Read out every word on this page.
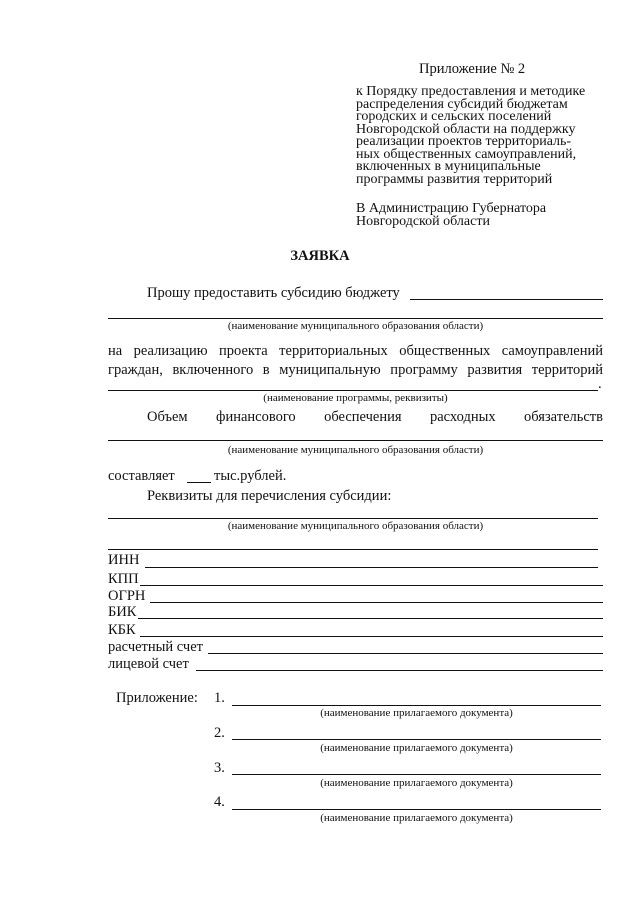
Приложение № 2
к Порядку предоставления и методике
распределения субсидий бюджетам
городских и сельских поселений
Новгородской области на поддержку
реализации проектов территориаль-
ных общественных самоуправлений,
включенных в муниципальные
программы развития территорий
В Администрацию Губернатора
Новгородской области
ЗАЯВКА
Прошу предоставить субсидию бюджету
(наименование муниципального образования области)
на реализацию проекта территориальных общественных самоуправлений
граждан, включенного в муниципальную программу развития территорий
.
(наименование программы, реквизиты)
Объем финансового обеспечения расходных обязательств
(наименование муниципального образования области)
составляет	тыс.рублей.
Реквизиты для перечисления субсидии:
(наименование муниципального образования области)
ИНН
КПП
ОГРН
БИК
КБК
расчетный счет
лицевой счет
Приложение: 1.
(наименование прилагаемого документа)
2.
(наименование прилагаемого документа)
3.
(наименование прилагаемого документа)
4.
(наименование прилагаемого документа)
